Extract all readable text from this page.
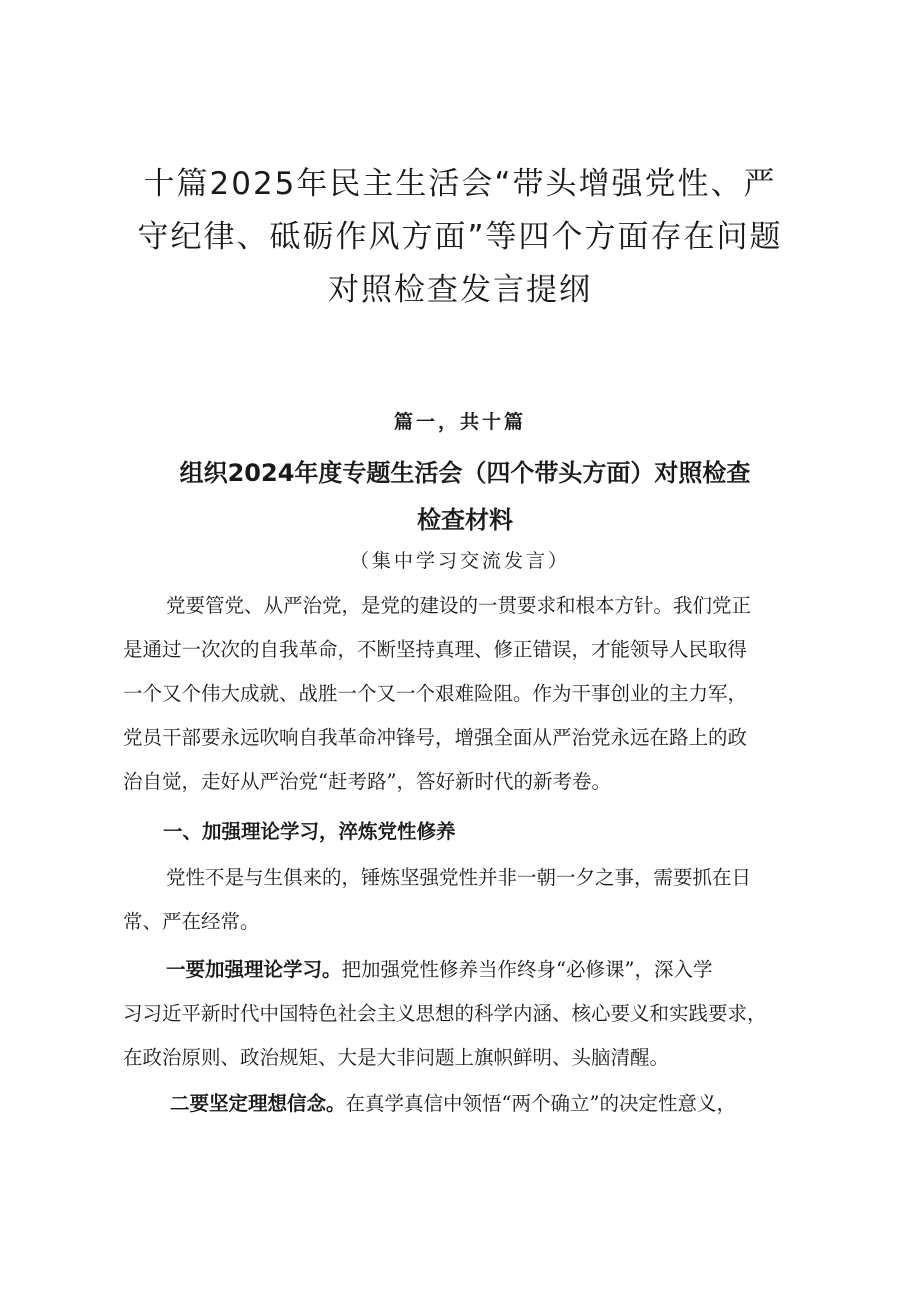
十篇2025年民主生活会“带头增强党性、严
守纪律、砥砺作风方面”等四个方面存在问题
对照检查发言提纲
篇一，共十篇
组织2024年度专题生活会（四个带头方面）对照检查
检查材料
（集中学习交流发言）

党要管党、从严治党，是党的建设的一贯要求和根本方针。我们党正
是通过一次次的自我革命，不断坚持真理、修正错误，才能领导人民取得
一个又个伟大成就、战胜一个又一个艰难险阻。作为干事创业的主力军，
党员干部要永远吹响自我革命冲锋号，增强全面从严治党永远在路上的政
治自觉，走好从严治党“赶考路”，答好新时代的新考卷。

一、加强理论学习，淬炼党性修养

党性不是与生俱来的，锤炼坚强党性并非一朝一夕之事，需要抓在日
常、严在经常。

一要加强理论学习。把加强党性修养当作终身“必修课”，深入学
习习近平新时代中国特色社会主义思想的科学内涵、核心要义和实践要求，
在政治原则、政治规矩、大是大非问题上旗帜鲜明、头脑清醒。

二要坚定理想信念。在真学真信中领悟“两个确立”的决定性意义，
